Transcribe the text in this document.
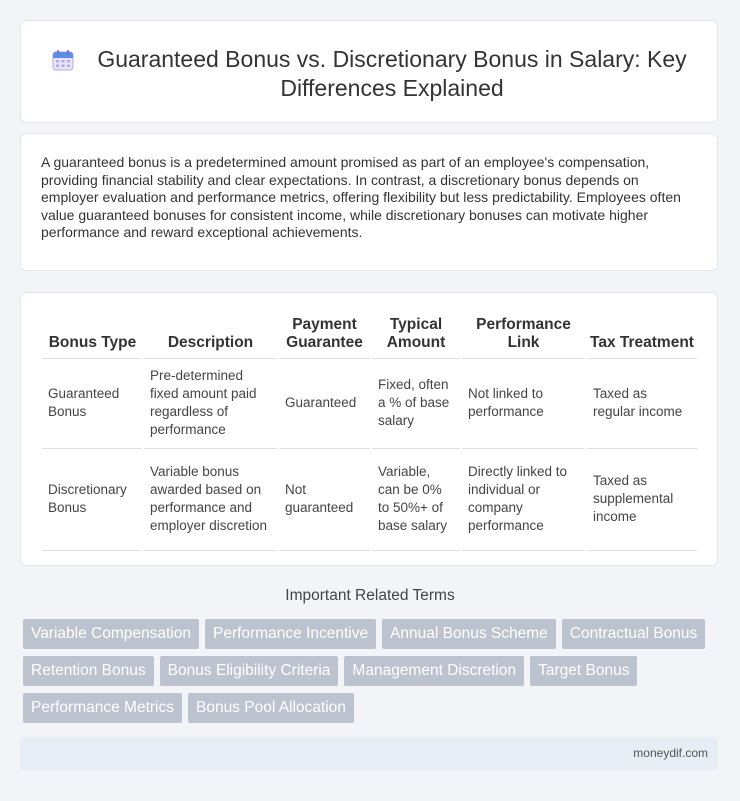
Guaranteed Bonus vs. Discretionary Bonus in Salary: Key Differences Explained
A guaranteed bonus is a predetermined amount promised as part of an employee's compensation, providing financial stability and clear expectations. In contrast, a discretionary bonus depends on employer evaluation and performance metrics, offering flexibility but less predictability. Employees often value guaranteed bonuses for consistent income, while discretionary bonuses can motivate higher performance and reward exceptional achievements.
Bonus Type	Description	Payment Guarantee	Typical Amount	Performance Link	Tax Treatment
Guaranteed Bonus	Pre-determined fixed amount paid regardless of performance	Guaranteed	Fixed, often a % of base salary	Not linked to performance	Taxed as regular income
Discretionary Bonus	Variable bonus awarded based on performance and employer discretion	Not guaranteed	Variable, can be 0% to 50%+ of base salary	Directly linked to individual or company performance	Taxed as supplemental income
Important Related Terms
Variable Compensation	Performance Incentive	Annual Bonus Scheme	Contractual Bonus
Retention Bonus	Bonus Eligibility Criteria	Management Discretion	Target Bonus
Performance Metrics	Bonus Pool Allocation
moneydif.com
